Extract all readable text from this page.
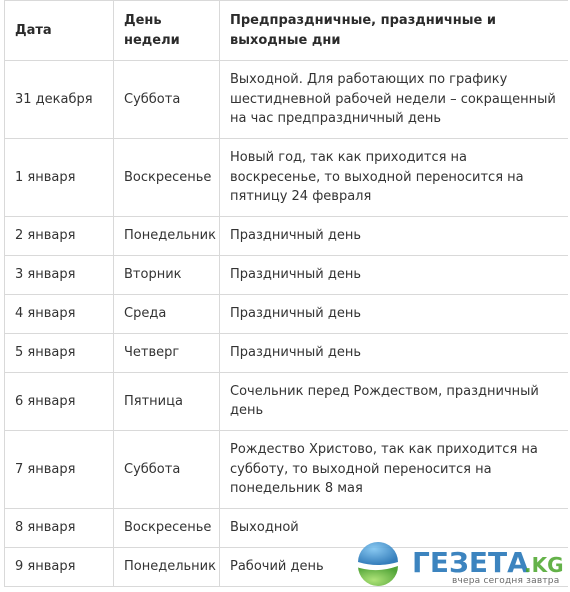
Дата	День недели	Предпраздничные, праздничные и выходные дни
31 декабря	Суббота	Выходной. Для работающих по графику шестидневной рабочей недели – сокращенный на час предпраздничный день
1 января	Воскресенье	Новый год, так как приходится на воскресенье, то выходной переносится на пятницу 24 февраля
2 января	Понедельник	Праздничный день
3 января	Вторник	Праздничный день
4 января	Среда	Праздничный день
5 января	Четверг	Праздничный день
6 января	Пятница	Сочельник перед Рождеством, праздничный день
7 января	Суббота	Рождество Христово, так как приходится на субботу, то выходной переносится на понедельник 8 мая
8 января	Воскресенье	Выходной
9 января	Понедельник	Рабочий день	ГЕЗЕТА
.KG
вчера сегодня завтра
